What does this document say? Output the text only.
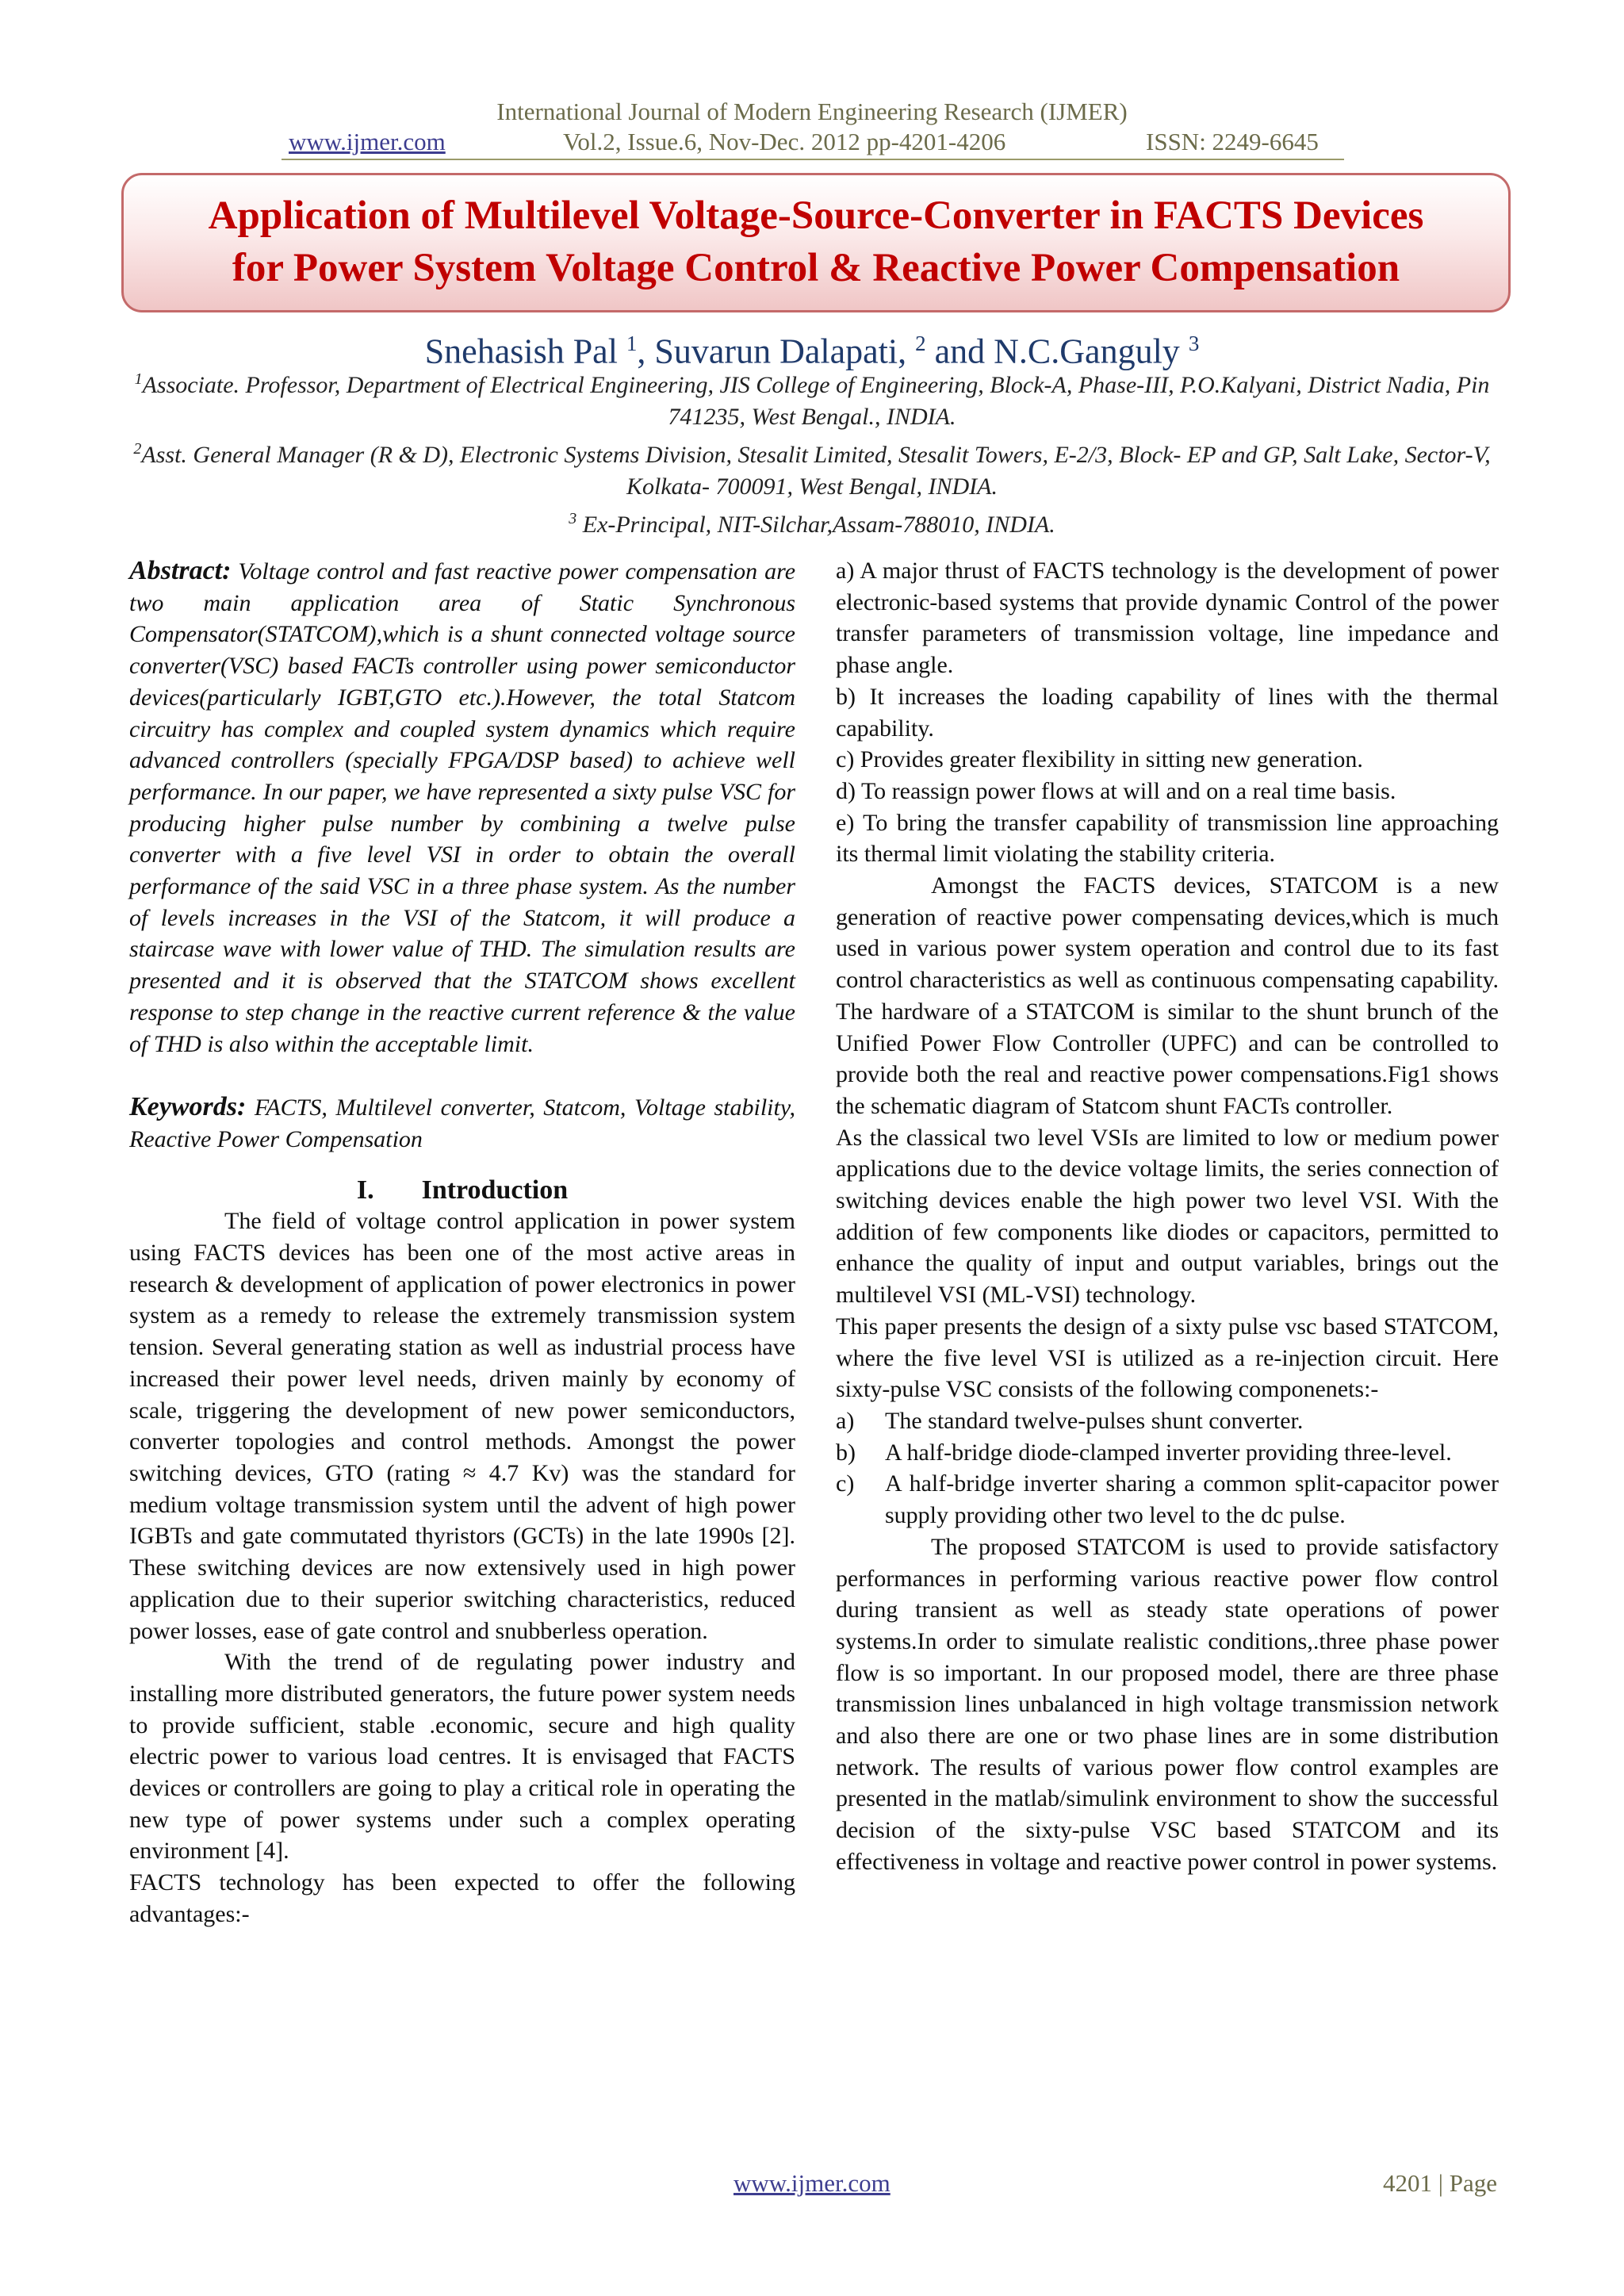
International Journal of Modern Engineering Research (IJMER)
www.ijmer.com	Vol.2, Issue.6, Nov-Dec. 2012 pp-4201-4206	ISSN: 2249-6645
Application of Multilevel Voltage-Source-Converter in FACTS Devices
for Power System Voltage Control & Reactive Power Compensation
Snehasish Pal $^1$, Suvarun Dalapati, $^2$ and N.C.Ganguly $^3$
$^1$Associate. Professor, Department of Electrical Engineering, JIS College of Engineering, Block-A, Phase-III, P.O.Kalyani, District Nadia, Pin 741235, West Bengal., INDIA.
$^2$Asst. General Manager (R & D), Electronic Systems Division, Stesalit Limited, Stesalit Towers, E-2/3, Block- EP and GP, Salt Lake, Sector-V, Kolkata- 700091, West Bengal, INDIA.
$^3$ Ex-Principal, NIT-Silchar,Assam-788010, INDIA.

Abstract: Voltage control and fast reactive power compensation are two main application area of Static Synchronous Compensator(STATCOM),which is a shunt connected voltage source converter(VSC) based FACTs controller using power semiconductor devices(particularly IGBT,GTO etc.).However, the total Statcom circuitry has complex and coupled system dynamics which require advanced controllers (specially FPGA/DSP based) to achieve well performance. In our paper, we have represented a sixty pulse VSC for producing higher pulse number by combining a twelve pulse converter with a five level VSI in order to obtain the overall performance of the said VSC in a three phase system. As the number of levels increases in the VSI of the Statcom, it will produce a staircase wave with lower value of THD. The simulation results are presented and it is observed that the STATCOM shows excellent response to step change in the reactive current reference & the value of THD is also within the acceptable limit.

Keywords: FACTS, Multilevel converter, Statcom, Voltage stability, Reactive Power Compensation

I. Introduction

The field of voltage control application in power system using FACTS devices has been one of the most active areas in research & development of application of power electronics in power system as a remedy to release the extremely transmission system tension. Several generating station as well as industrial process have increased their power level needs, driven mainly by economy of scale, triggering the development of new power semiconductors, converter topologies and control methods. Amongst the power switching devices, GTO (rating ≈ 4.7 Kv) was the standard for medium voltage transmission system until the advent of high power IGBTs and gate commutated thyristors (GCTs) in the late 1990s [2]. These switching devices are now extensively used in high power application due to their superior switching characteristics, reduced power losses, ease of gate control and snubberless operation.

With the trend of de regulating power industry and installing more distributed generators, the future power system needs to provide sufficient, stable .economic, secure and high quality electric power to various load centres. It is envisaged that FACTS devices or controllers are going to play a critical role in operating the new type of power systems under such a complex operating environment [4].

FACTS technology has been expected to offer the following advantages:-

a) A major thrust of FACTS technology is the development of power electronic-based systems that provide dynamic Control of the power transfer parameters of transmission voltage, line impedance and phase angle.

b) It increases the loading capability of lines with the thermal capability.

c) Provides greater flexibility in sitting new generation.

d) To reassign power flows at will and on a real time basis.

e) To bring the transfer capability of transmission line approaching its thermal limit violating the stability criteria.

Amongst the FACTS devices, STATCOM is a new generation of reactive power compensating devices,which is much used in various power system operation and control due to its fast control characteristics as well as continuous compensating capability. The hardware of a STATCOM is similar to the shunt brunch of the Unified Power Flow Controller (UPFC) and can be controlled to provide both the real and reactive power compensations.Fig1 shows the schematic diagram of Statcom shunt FACTs controller.

As the classical two level VSIs are limited to low or medium power applications due to the device voltage limits, the series connection of switching devices enable the high power two level VSI. With the addition of few components like diodes or capacitors, permitted to enhance the quality of input and output variables, brings out the multilevel VSI (ML-VSI) technology.

This paper presents the design of a sixty pulse vsc based STATCOM, where the five level VSI is utilized as a re-injection circuit. Here sixty-pulse VSC consists of the following componenets:-

a)	The standard twelve-pulses shunt converter.
b)	A half-bridge diode-clamped inverter providing three-level.
c)	A half-bridge inverter sharing a common split-capacitor power supply providing other two level to the dc pulse.

The proposed STATCOM is used to provide satisfactory performances in performing various reactive power flow control during transient as well as steady state operations of power systems.In order to simulate realistic conditions,.three phase power flow is so important. In our proposed model, there are three phase transmission lines unbalanced in high voltage transmission network and also there are one or two phase lines are in some distribution network. The results of various power flow control examples are presented in the matlab/simulink environment to show the successful decision of the sixty-pulse VSC based STATCOM and its effectiveness in voltage and reactive power control in power systems.

www.ijmer.com	4201 | Page
